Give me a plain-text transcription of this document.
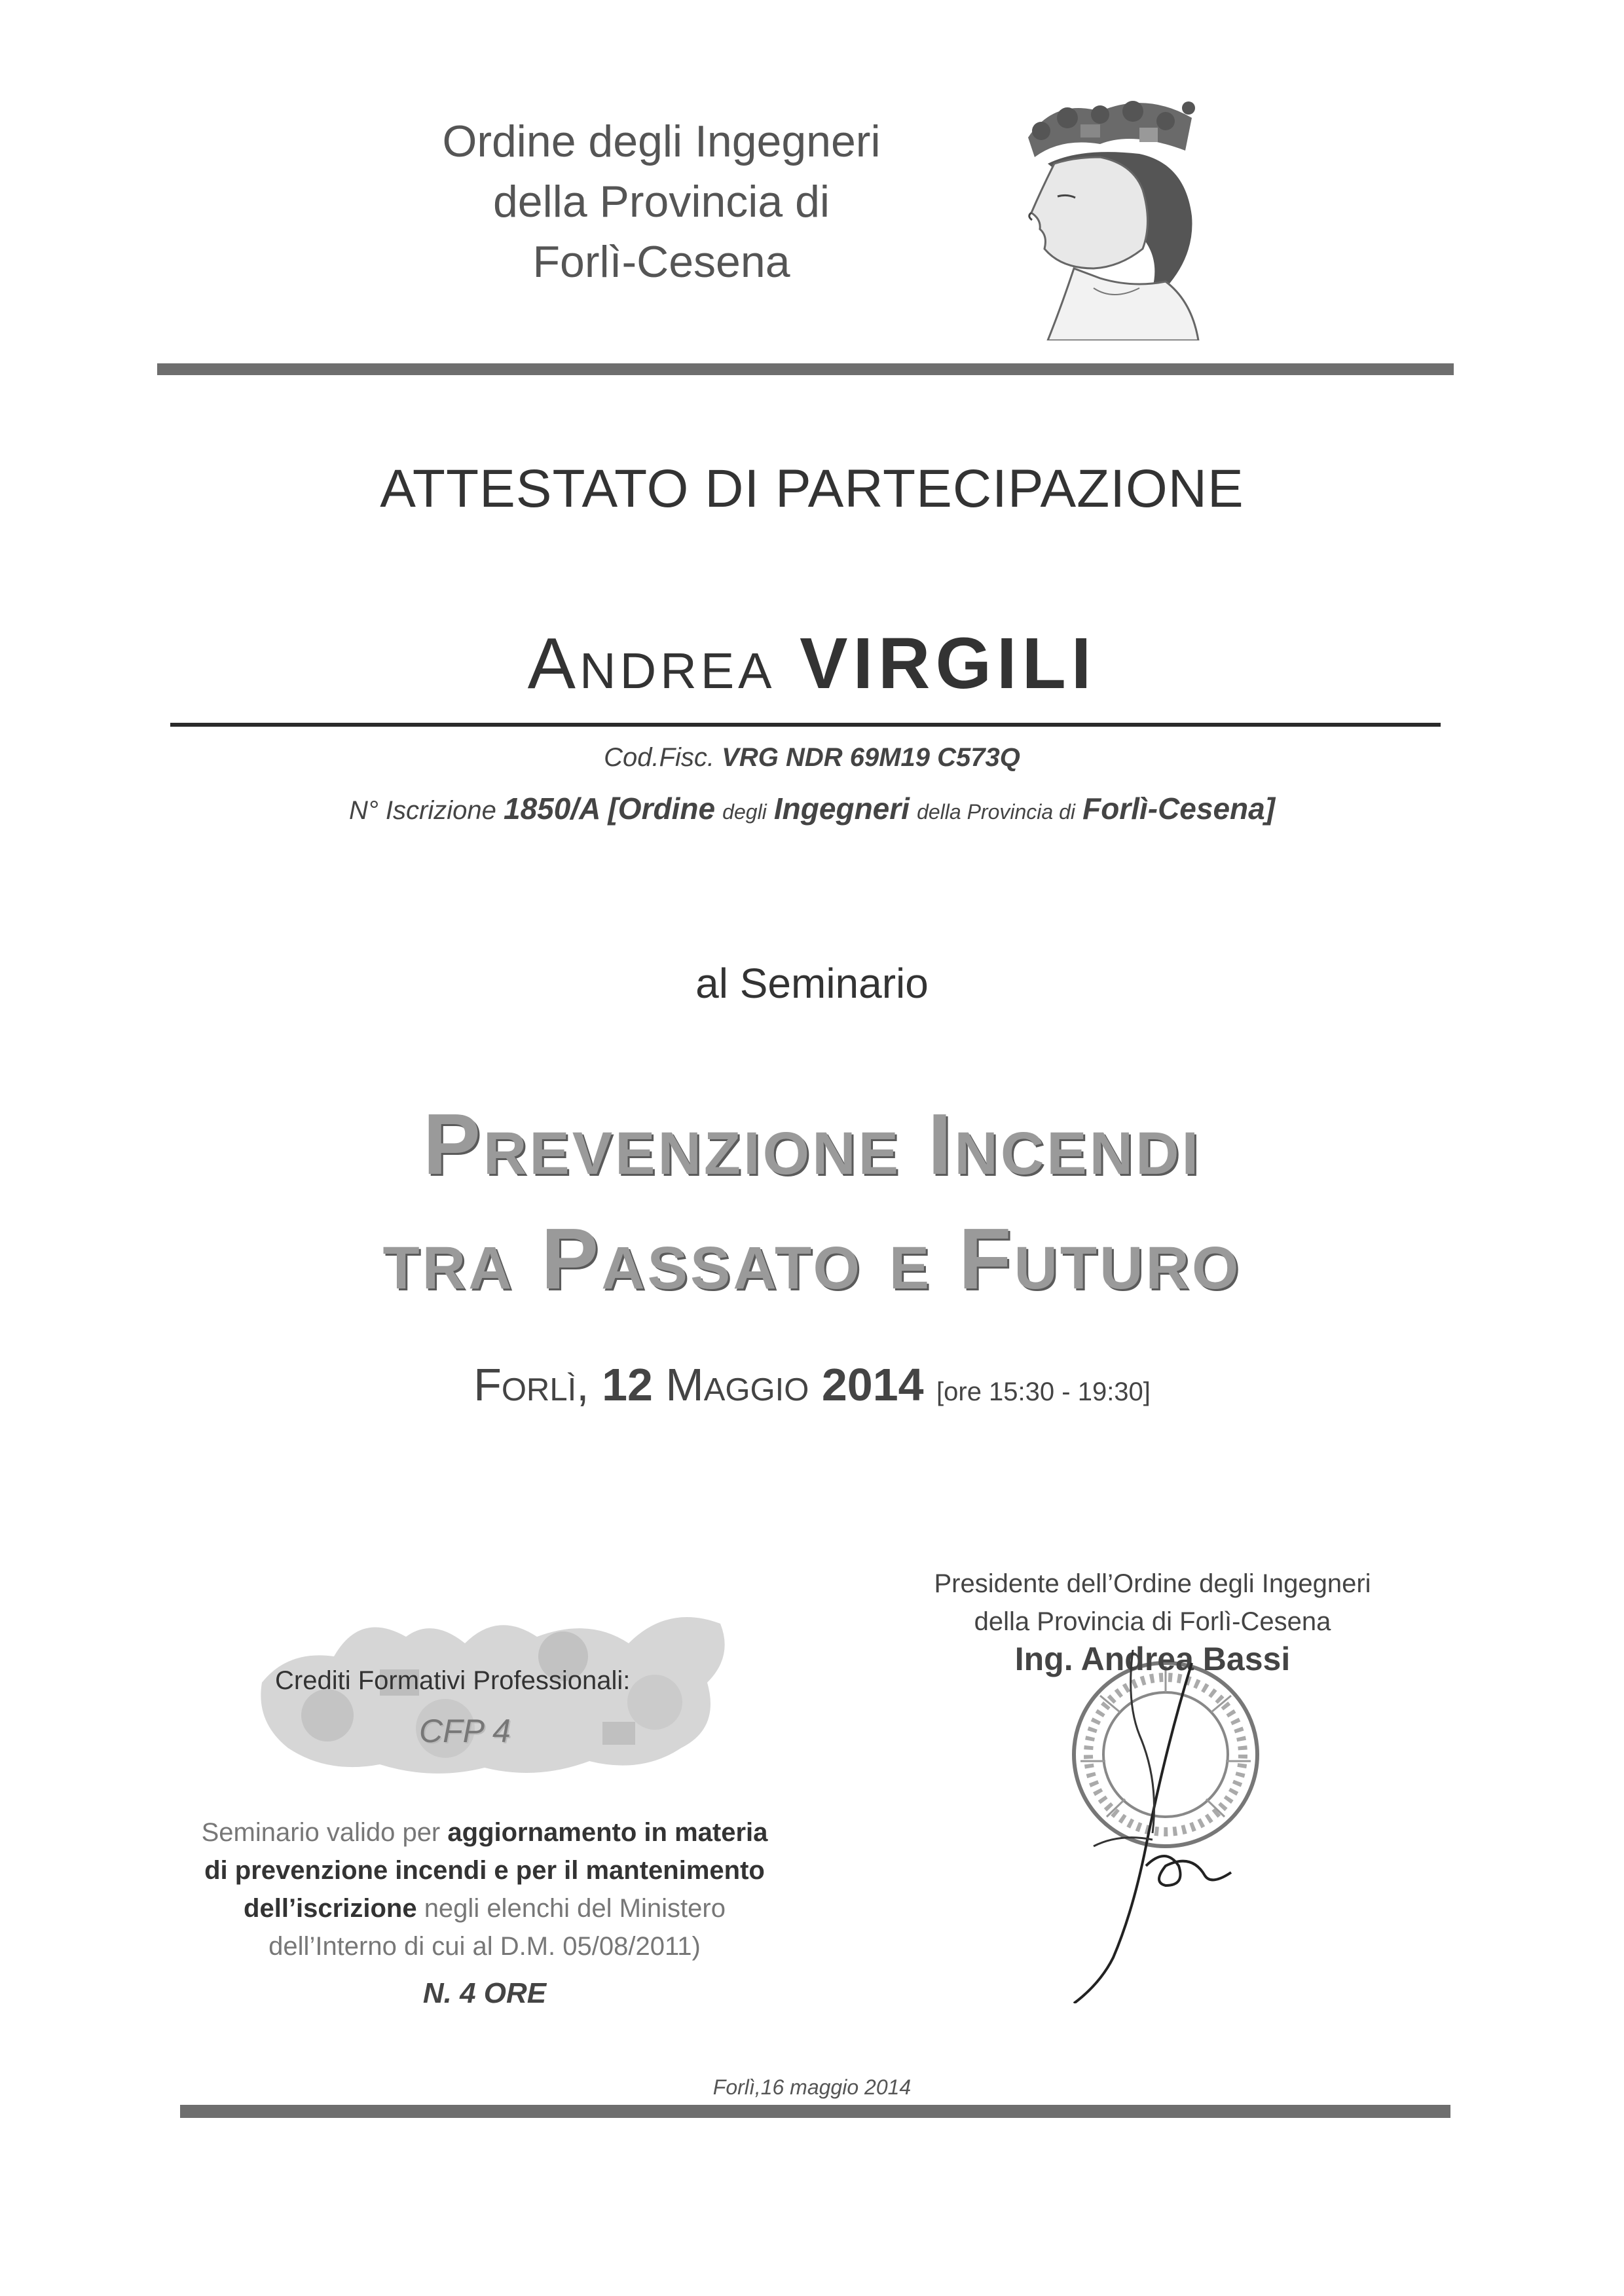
Ordine degli Ingegneri
della Provincia di
Forlì-Cesena
ATTESTATO DI PARTECIPAZIONE
Andrea VIRGILI
Cod.Fisc. VRG NDR 69M19 C573Q
N° Iscrizione 1850/A [Ordine degli Ingegneri della Provincia di Forlì-Cesena]
al Seminario
Prevenzione Incendi
tra Passato e Futuro
Forlì, 12 Maggio 2014 [ore 15:30 - 19:30]
Presidente dell’Ordine degli Ingegneri
della Provincia di Forlì-Cesena
Ing. Andrea Bassi
Crediti Formativi Professionali:
CFP 4
Seminario valido per aggiornamento in materia
di prevenzione incendi e per il mantenimento
dell’iscrizione negli elenchi del Ministero
dell’Interno di cui al D.M. 05/08/2011)
N. 4 ORE
Forlì,16 maggio 2014
